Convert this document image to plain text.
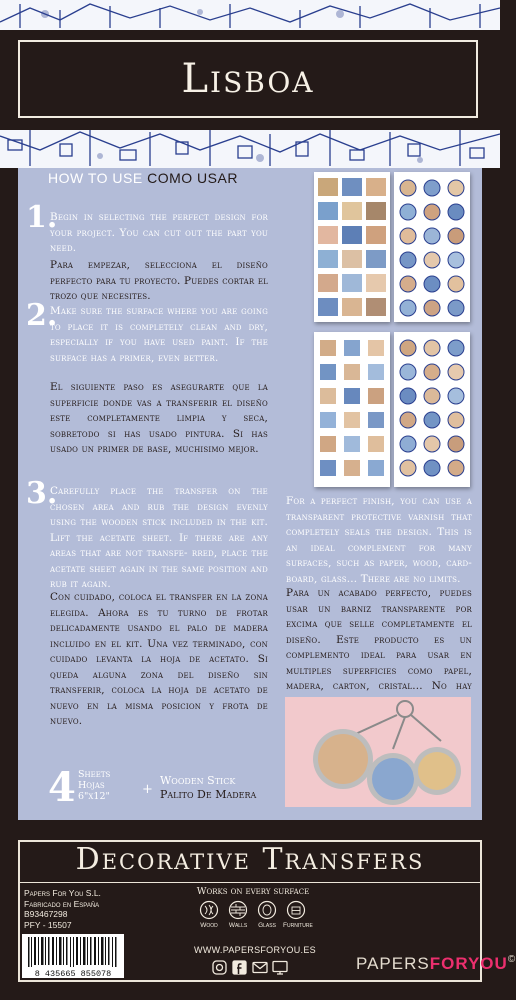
Lisboa
HOW TO USE COMO USAR
1.
Begin in selecting the perfect design for your project. You can cut out the part you need.
Para empezar, selecciona el diseño perfecto para tu proyecto. Puedes cortar el trozo que necesites.
2.
Make sure the surface where you are going to place it is completely clean and dry, especially if you have used paint. If the surface has a primer, even better.
El siguiente paso es asegurarte que la superficie donde vas a transferir el diseño este completamente limpia y seca, sobretodo si has usado pintura. Si has usado un primer de base, muchisimo mejor.
3.
Carefully place the transfer on the chosen area and rub the design evenly using the wooden stick included in the kit. Lift the acetate sheet. If there are any areas that are not transfe- rred, place the acetate sheet again in the same position and rub it again.
Con cuidado, coloca el transfer en la zona elegida. Ahora es tu turno de frotar delicadamente usando el palo de madera incluido en el kit. Una vez terminado, con cuidado levanta la hoja de acetato. Si queda alguna zona del diseño sin transferir, coloca la hoja de acetato de nuevo en la misma posicion y frota de nuevo.
For a perfect finish, you can use a transparent protective varnish that completely seals the design. This is an ideal complement for many surfaces, such as paper, wood, card- board, glass... There are no limits.
Para un acabado perfecto, puedes usar un barniz transparente por excima que selle completamente el diseño. Este producto es un complemento ideal para usar en multiples superficies como papel, madera, carton, cristal... No hay
4 Sheets
Hojas
6"x12" +
Wooden Stick
Palito De Madera
Decorative Transfers
Papers For You S.L.
Fabricado en España
B93467298
PFY - 15507
8 435665 855078
Works on every surface
Wood	Walls	Glass	Furniture
WWW.PAPERSFORYOU.ES
PAPERSFORYOU©
